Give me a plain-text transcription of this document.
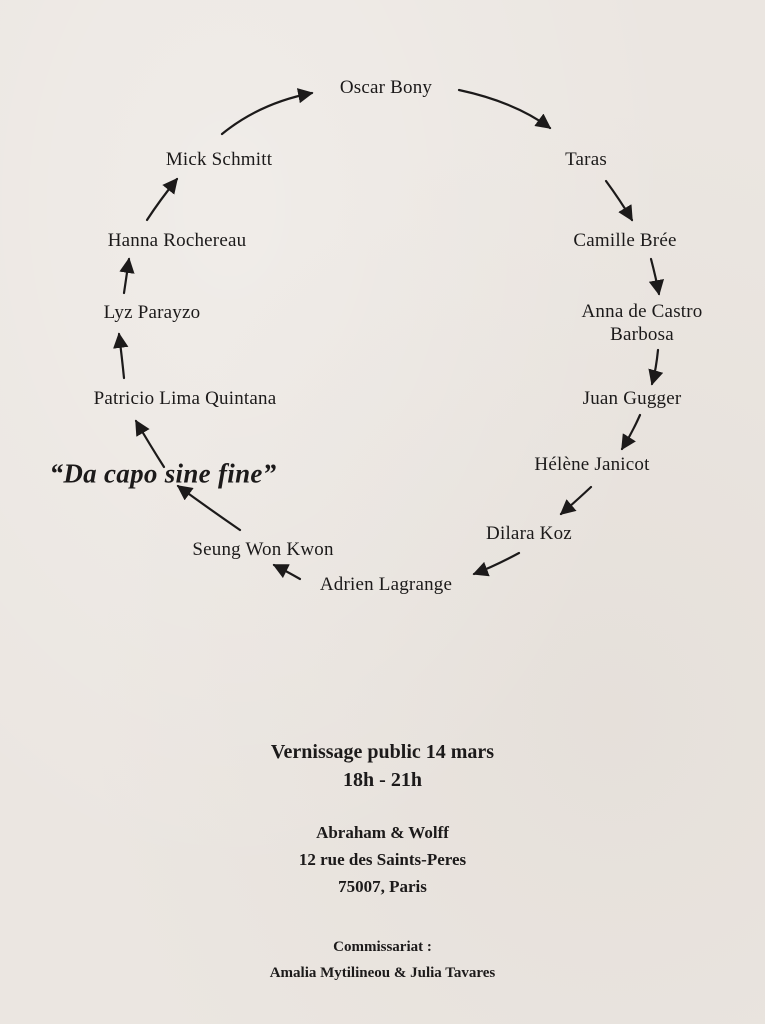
Oscar Bony
Taras
Camille Brée
Anna de Castro
Barbosa
Juan Gugger
Hélène Janicot
Dilara Koz
Adrien Lagrange
Seung Won Kwon
Patricio Lima Quintana
Lyz Parayzo
Hanna Rochereau
Mick Schmitt
“Da capo sine fine”
Vernissage public 14 mars
18h - 21h
Abraham & Wolff
12 rue des Saints-Peres
75007, Paris
Commissariat :
Amalia Mytilineou & Julia Tavares
